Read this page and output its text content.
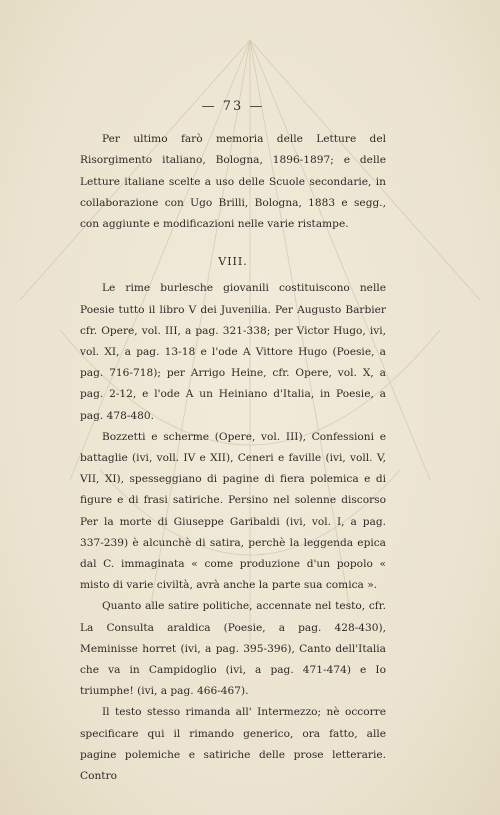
— 73 —

Per ultimo farò memoria delle Letture del Risorgimento italiano, Bologna, 1896-1897; e delle Letture italiane scelte a uso delle Scuole secondarie, in collaborazione con Ugo Brilli, Bologna, 1883 e segg., con aggiunte e modificazioni nelle varie ristampe.

VIII.

Le rime burlesche giovanili costituiscono nelle Poesie tutto il libro V dei Juvenilia. Per Augusto Barbier cfr. Opere, vol. III, a pag. 321-338; per Victor Hugo, ivi, vol. XI, a pag. 13-18 e l'ode A Vittore Hugo (Poesie, a pag. 716-718); per Arrigo Heine, cfr. Opere, vol. X, a pag. 2-12, e l'ode A un Heiniano d'Italia, in Poesie, a pag. 478-480.

Bozzetti e scherme (Opere, vol. III), Confessioni e battaglie (ivi, voll. IV e XII), Ceneri e faville (ivi, voll. V, VII, XI), spesseggiano di pagine di fiera polemica e di figure e di frasi satiriche. Persino nel solenne discorso Per la morte di Giuseppe Garibaldi (ivi, vol. I, a pag. 337-239) è alcunchè di satira, perchè la leggenda epica dal C. immaginata « come produzione d'un popolo « misto di varie civiltà, avrà anche la parte sua comica ».

Quanto alle satire politiche, accennate nel testo, cfr. La Consulta araldica (Poesie, a pag. 428-430), Meminisse horret (ivi, a pag. 395-396), Canto dell'Italia che va in Campidoglio (ivi, a pag. 471-474) e Io triumphe! (ivi, a pag. 466-467).

Il testo stesso rimanda all' Intermezzo; nè occorre specificare qui il rimando generico, ora fatto, alle pagine polemiche e satiriche delle prose letterarie. Contro
